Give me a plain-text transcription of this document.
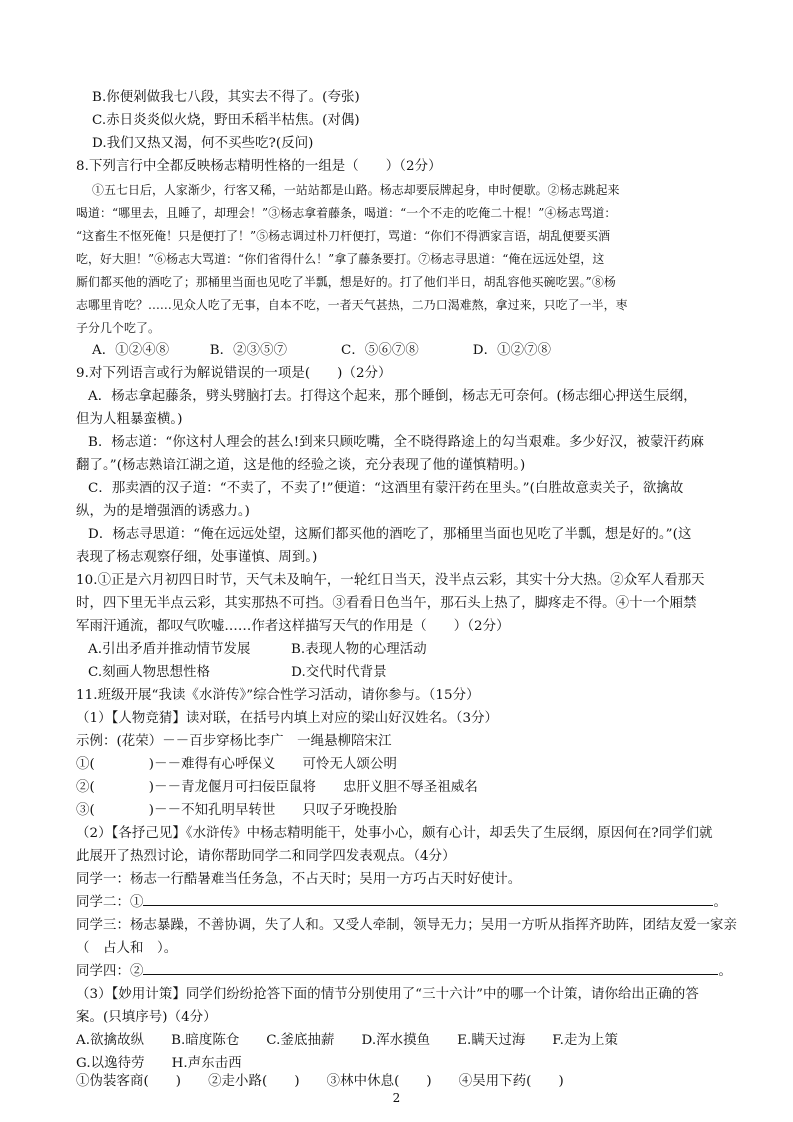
B.你便剁做我七八段，其实去不得了。(夸张)
C.赤日炎炎似火烧，野田禾稻半枯焦。(对偶)
D.我们又热又渴，何不买些吃?(反问)
8.下列言行中全都反映杨志精明性格的一组是（　　）（2分）
①五七日后，人家渐少，行客又稀，一站站都是山路。杨志却要辰牌起身，申时便歇。②杨志跳起来
喝道：“哪里去，且睡了，却理会！”③杨志拿着藤条，喝道：“一个不走的吃俺二十棍！”④杨志骂道：
“这畜生不怄死俺！只是便打了！”⑤杨志调过朴刀杆便打，骂道：“你们不得洒家言语，胡乱便要买酒
吃，好大胆！”⑥杨志大骂道：“你们省得什么！”拿了藤条要打。⑦杨志寻思道：“俺在远远处望，这
厮们都买他的酒吃了；那桶里当面也见吃了半瓢，想是好的。打了他们半日，胡乱容他买碗吃罢。”⑧杨
志哪里肯吃？……见众人吃了无事，自本不吃，一者天气甚热，二乃口渴难熬，拿过来，只吃了一半，枣
子分几个吃了。
A．①②④⑧　　　B．②③⑤⑦　　　　C．⑤⑥⑦⑧　　　　D．①②⑦⑧
9.对下列语言或行为解说错误的一项是(　　)（2分）
A．杨志拿起藤条，劈头劈脑打去。打得这个起来，那个睡倒，杨志无可奈何。(杨志细心押送生辰纲，
但为人粗暴蛮横。)
B．杨志道：“你这村人理会的甚么!到来只顾吃嘴，全不晓得路途上的勾当艰难。多少好汉，被蒙汗药麻
翻了。”(杨志熟谙江湖之道，这是他的经验之谈，充分表现了他的谨慎精明。)
C．那卖酒的汉子道：“不卖了，不卖了!”便道：“这酒里有蒙汗药在里头。”(白胜故意卖关子，欲擒故
纵，为的是增强酒的诱惑力。)
D．杨志寻思道：“俺在远远处望，这厮们都买他的酒吃了，那桶里当面也见吃了半瓢，想是好的。”(这
表现了杨志观察仔细，处事谨慎、周到。)
10.①正是六月初四日时节，天气未及晌午，一轮红日当天，没半点云彩，其实十分大热。②众军人看那天
时，四下里无半点云彩，其实那热不可挡。③看看日色当午，那石头上热了，脚疼走不得。④十一个厢禁
军雨汗通流，都叹气吹嘘……作者这样描写天气的作用是（　　）（2分）
A.引出矛盾并推动情节发展　　　B.表现人物的心理活动
C.刻画人物思想性格　　　　　　D.交代时代背景
11.班级开展“我读《水浒传》”综合性学习活动，请你参与。（15分）
（1）【人物竞猜】读对联，在括号内填上对应的梁山好汉姓名。（3分）
示例：(花荣）－－百步穿杨比李广　一绳悬柳陪宋江
①(　　　　)－－难得有心呼保义　　可怜无人颂公明
②(　　　　)－－青龙偃月可扫佞臣鼠将　　忠肝义胆不辱圣祖威名
③(　　　　)－－不知孔明早转世　　只叹子牙晚投胎
（2）【各抒己见】《水浒传》中杨志精明能干，处事小心，颇有心计，却丢失了生辰纲，原因何在?同学们就
此展开了热烈讨论，请你帮助同学二和同学四发表观点。（4分）
同学一：杨志一行酷暑难当任务急，不占天时；吴用一方巧占天时好使计。
同学二：①	。
同学三：杨志暴躁，不善协调，失了人和。又受人牵制，领导无力；吴用一方听从指挥齐助阵，团结友爱一家亲
（　占人和　）。
同学四：②	。
（3）【妙用计策】同学们纷纷抢答下面的情节分别使用了“三十六计”中的哪一个计策，请你给出正确的答
案。(只填序号)（4分）
A.欲擒故纵　　B.暗度陈仓　　C.釜底抽薪　　D.浑水摸鱼　　E.瞒天过海　　F.走为上策
G.以逸待劳　　H.声东击西
2
①伪装客商(　　)　　②走小路(　　)　　③林中休息(　　)　　④吴用下药(　　)
